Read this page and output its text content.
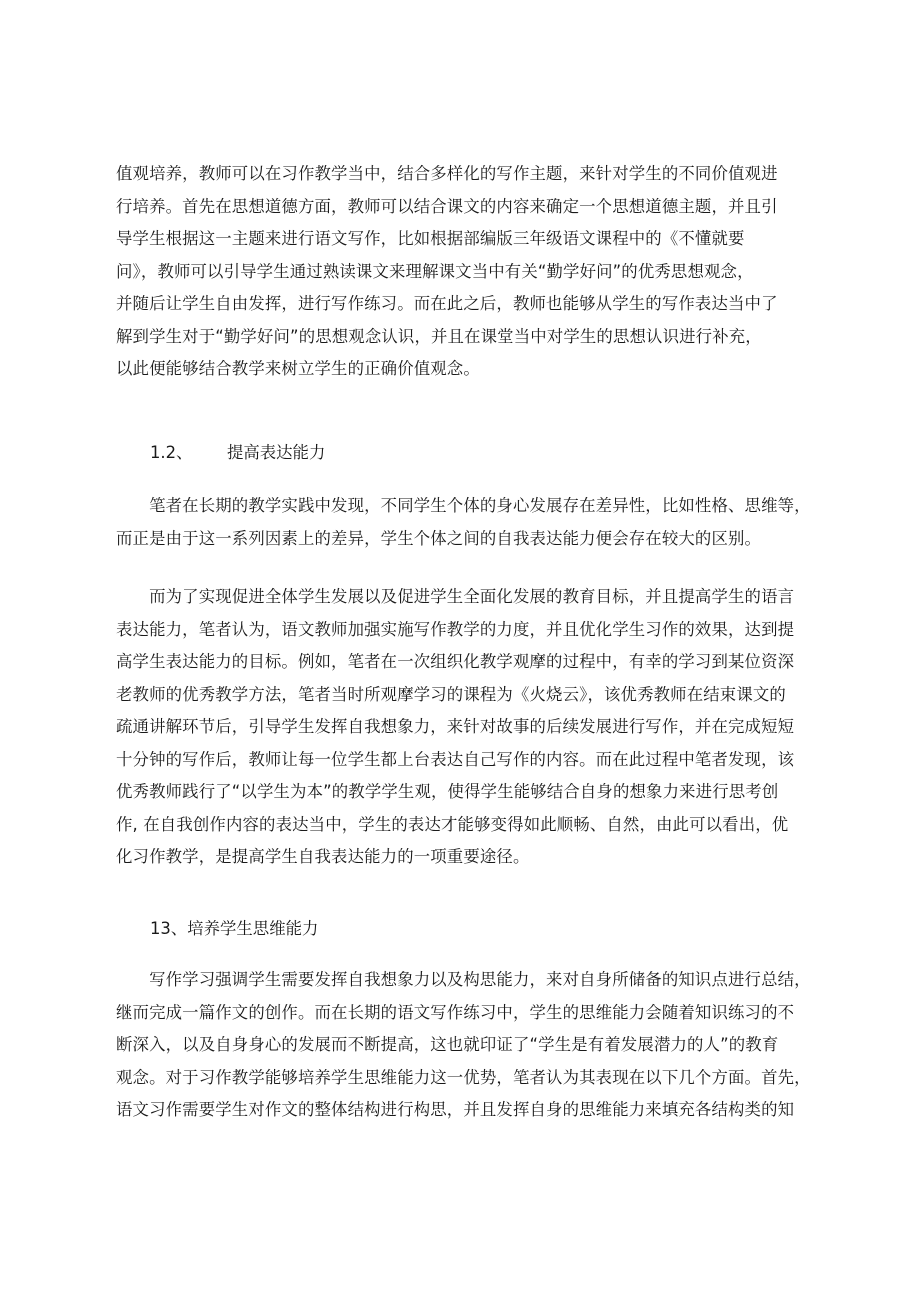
值观培养，教师可以在习作教学当中，结合多样化的写作主题，来针对学生的不同价值观进
行培养。首先在思想道德方面，教师可以结合课文的内容来确定一个思想道德主题，并且引
导学生根据这一主题来进行语文写作，比如根据部编版三年级语文课程中的《不懂就要
问》，教师可以引导学生通过熟读课文来理解课文当中有关“勤学好问”的优秀思想观念，
并随后让学生自由发挥，进行写作练习。而在此之后，教师也能够从学生的写作表达当中了
解到学生对于“勤学好问”的思想观念认识，并且在课堂当中对学生的思想认识进行补充，
以此便能够结合教学来树立学生的正确价值观念。
1.2、 提高表达能力
　　笔者在长期的教学实践中发现，不同学生个体的身心发展存在差异性，比如性格、思维等，
而正是由于这一系列因素上的差异，学生个体之间的自我表达能力便会存在较大的区别。
　　而为了实现促进全体学生发展以及促进学生全面化发展的教育目标，并且提高学生的语言
表达能力，笔者认为，语文教师加强实施写作教学的力度，并且优化学生习作的效果，达到提
高学生表达能力的目标。例如，笔者在一次组织化教学观摩的过程中，有幸的学习到某位资深
老教师的优秀教学方法，笔者当时所观摩学习的课程为《火烧云》，该优秀教师在结束课文的
疏通讲解环节后，引导学生发挥自我想象力，来针对故事的后续发展进行写作，并在完成短短
十分钟的写作后，教师让每一位学生都上台表达自己写作的内容。而在此过程中笔者发现，该
优秀教师践行了“以学生为本”的教学学生观，使得学生能够结合自身的想象力来进行思考创
作, 在自我创作内容的表达当中，学生的表达才能够变得如此顺畅、自然，由此可以看出，优
化习作教学，是提高学生自我表达能力的一项重要途径。
13、培养学生思维能力
　　写作学习强调学生需要发挥自我想象力以及构思能力，来对自身所储备的知识点进行总结，
继而完成一篇作文的创作。而在长期的语文写作练习中，学生的思维能力会随着知识练习的不
断深入，以及自身身心的发展而不断提高，这也就印证了“学生是有着发展潜力的人”的教育
观念。对于习作教学能够培养学生思维能力这一优势，笔者认为其表现在以下几个方面。首先，
语文习作需要学生对作文的整体结构进行构思，并且发挥自身的思维能力来填充各结构类的知
